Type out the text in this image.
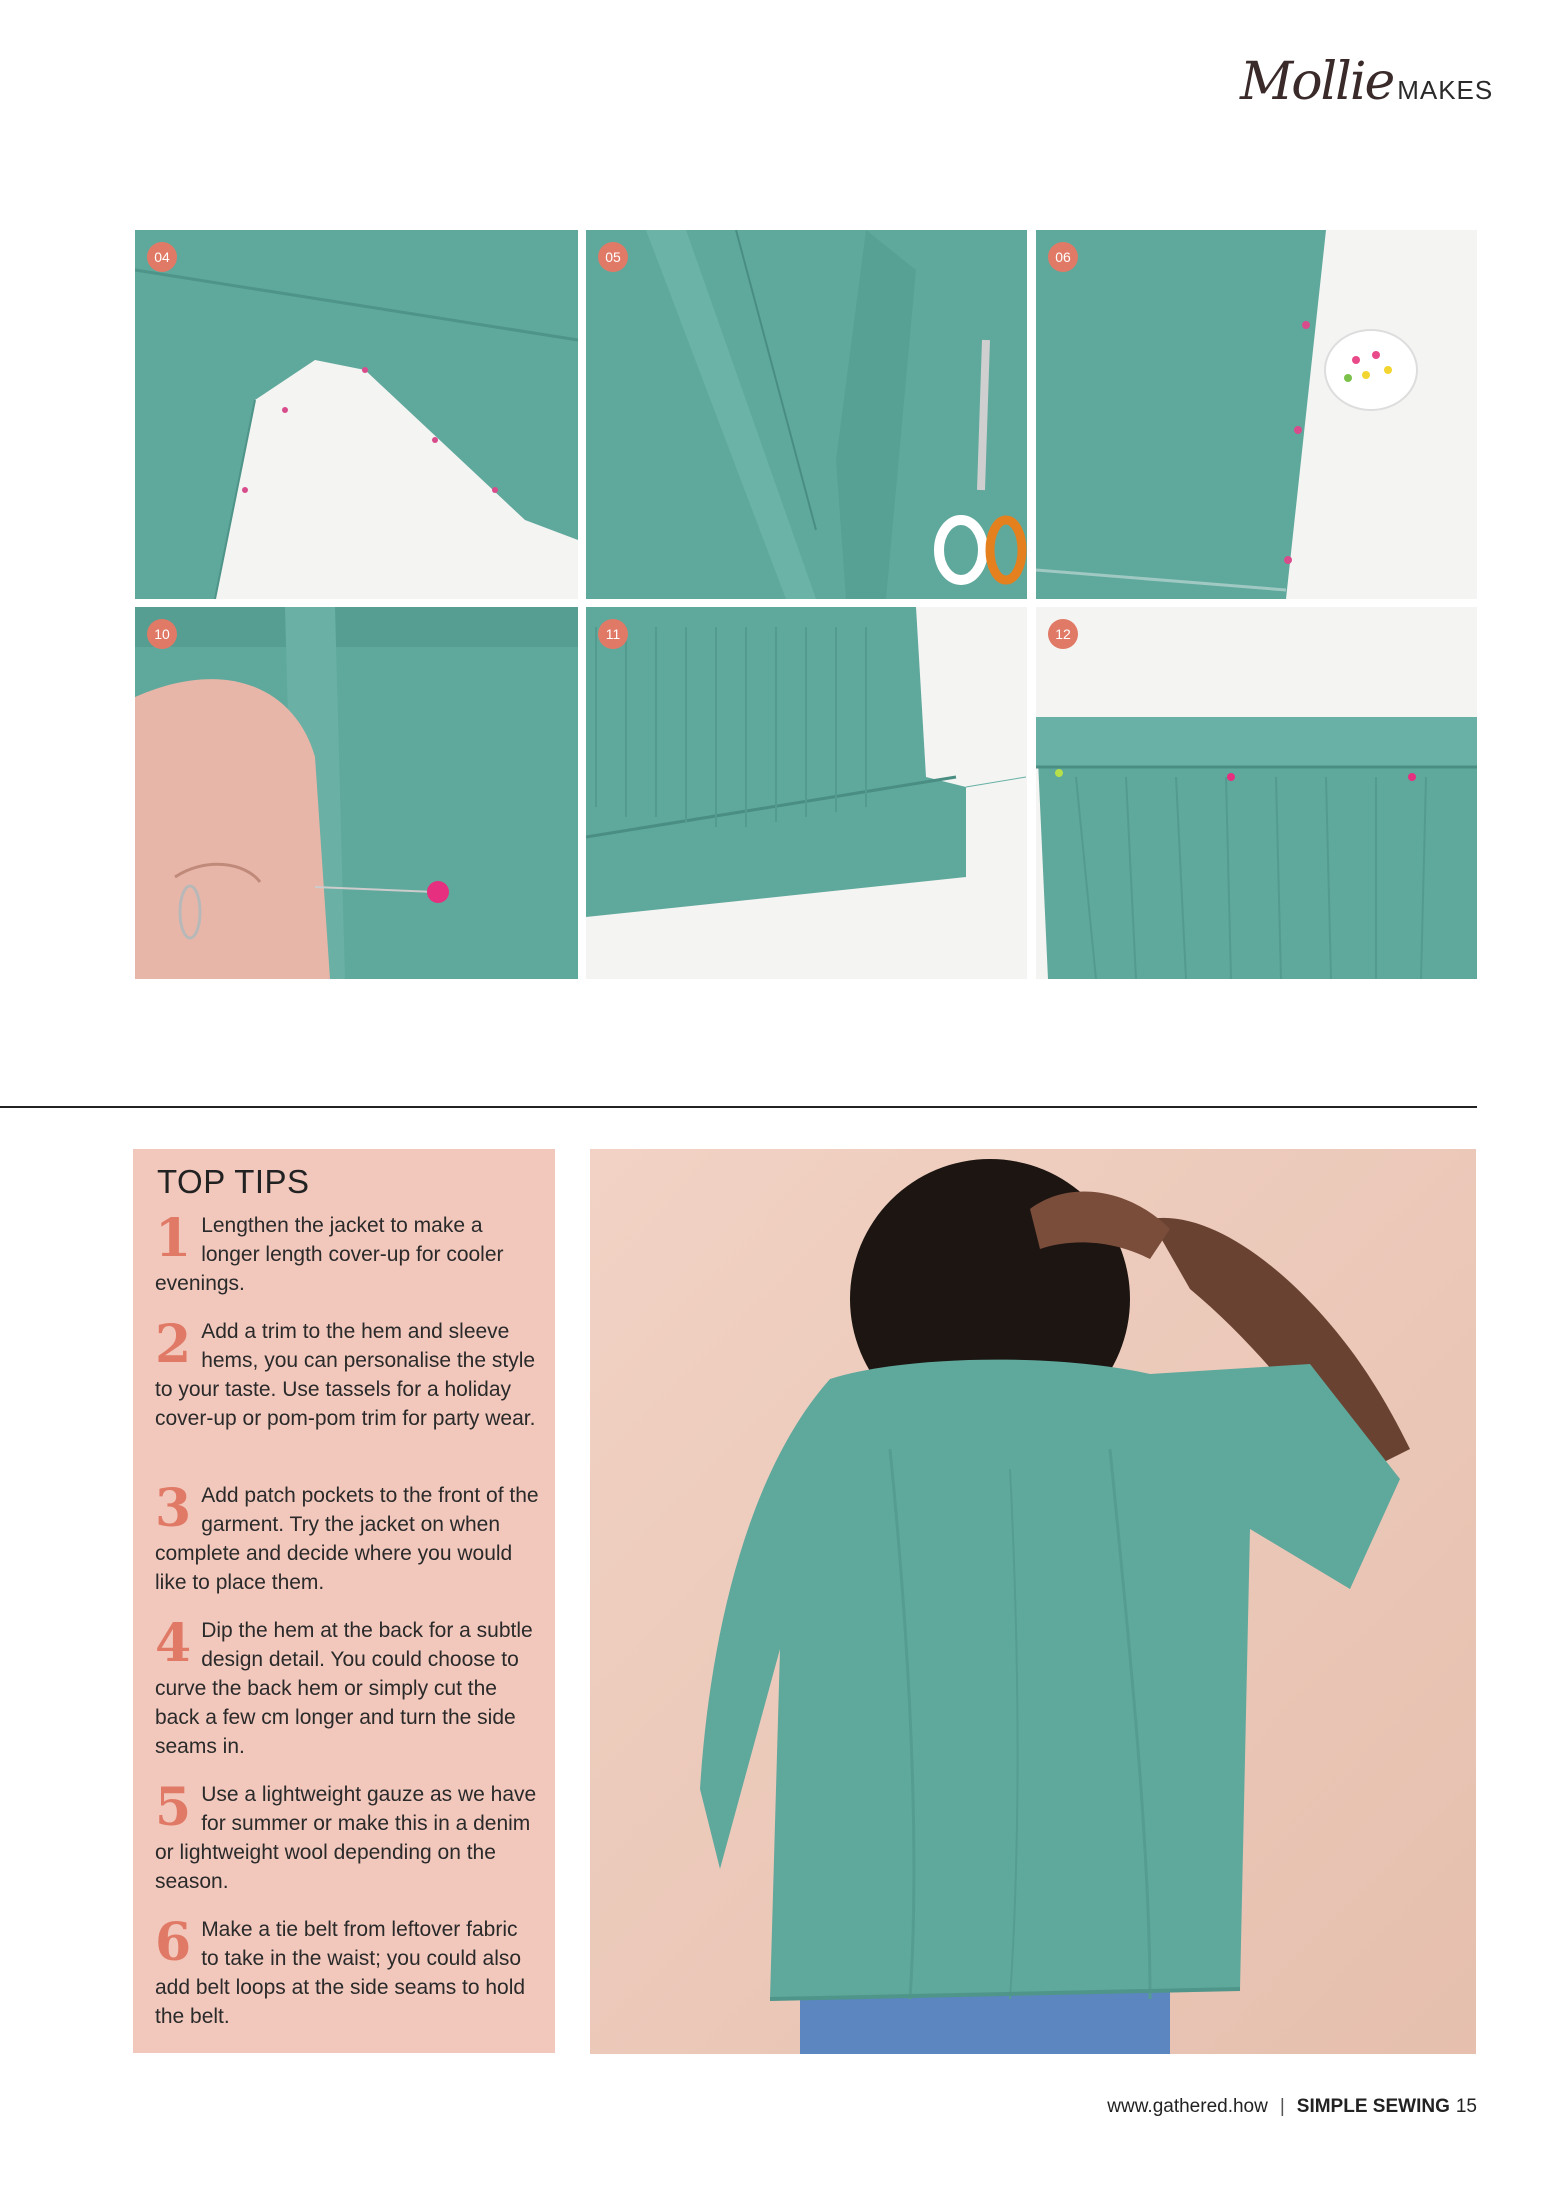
Mollie MAKES
04	05	06
10	11	12
TOP TIPS
1 Lengthen the jacket to make a longer length cover-up for cooler evenings.
2 Add a trim to the hem and sleeve hems, you can personalise the style to your taste. Use tassels for a holiday cover-up or pom-pom trim for party wear.
3 Add patch pockets to the front of the garment. Try the jacket on when complete and decide where you would like to place them.
4 Dip the hem at the back for a subtle design detail. You could choose to curve the back hem or simply cut the back a few cm longer and turn the side seams in.
5 Use a lightweight gauze as we have for summer or make this in a denim or lightweight wool depending on the season.
6 Make a tie belt from leftover fabric to take in the waist; you could also add belt loops at the side seams to hold the belt.
www.gathered.how | SIMPLE SEWING 15
